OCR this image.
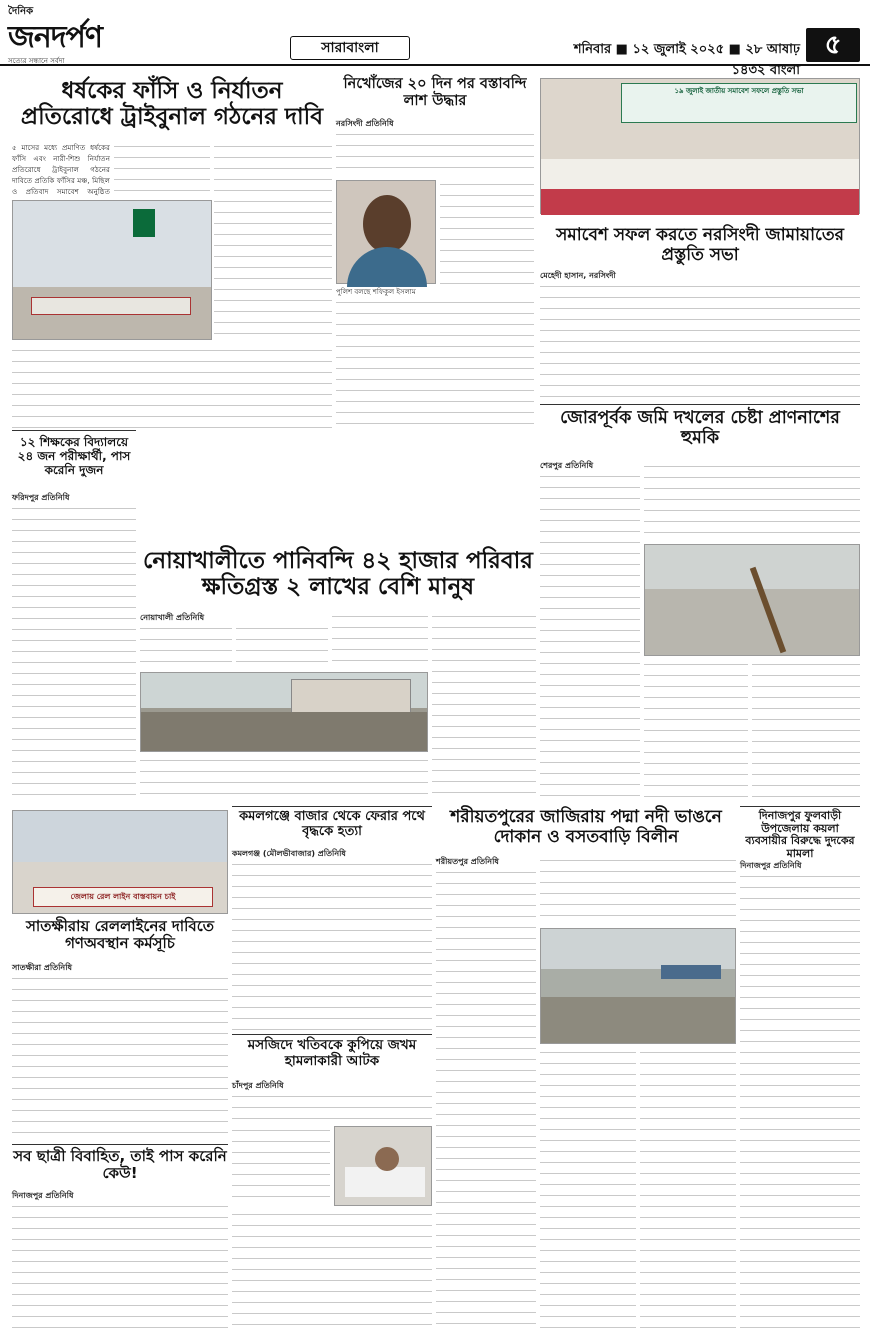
দৈনিক
জনদর্পণ
সত্যের সন্ধানে সর্বদা
সারাবাংলা	শনিবার ■ ১২ জুলাই ২০২৫ ■ ২৮ আষাঢ় ১৪৩২ বাংলা
৫
ধর্ষকের ফাঁসি ও নির্যাতন প্রতিরোধে ট্রাইবুনাল গঠনের দাবি
৫ মাসের মধ্যে প্রমাণিত ধর্ষকের ফাঁসি এবং নারী-শিশু নির্যাতন প্রতিরোধে ট্রাইবুনাল গঠনের দাবিতে প্রতিকি ফাঁসির মঞ্চ, মিছিল ও প্রতিবাদ সমাবেশ অনুষ্ঠিত
নিখোঁজের ২০ দিন পর বস্তাবন্দি লাশ উদ্ধার
নরসিংদী প্রতিনিধি
পুলিশ বলছে শফিকুল ইসলাম
১৯ জুলাই জাতীয় সমাবেশ সফলে প্রস্তুতি সভা
সমাবেশ সফল করতে নরসিংদী জামায়াতের প্রস্তুতি সভা
মেহেদী হাসান, নরসিংদী
জোরপূর্বক জমি দখলের চেষ্টা প্রাণনাশের হুমকি
শেরপুর প্রতিনিধি
১২ শিক্ষকের বিদ্যালয়ে ২৪ জন পরীক্ষার্থী, পাস করেনি দুজন
ফরিদপুর প্রতিনিধি
নোয়াখালীতে পানিবন্দি ৪২ হাজার পরিবার ক্ষতিগ্রস্ত ২ লাখের বেশি মানুষ
নোয়াখালী প্রতিনিধি
কমলগঞ্জে বাজার থেকে ফেরার পথে বৃদ্ধকে হত্যা
কমলগঞ্জ (মৌলভীবাজার) প্রতিনিধি
শরীয়তপুরের জাজিরায় পদ্মা নদী ভাঙনে দোকান ও বসতবাড়ি বিলীন
শরীয়তপুর প্রতিনিধি
দিনাজপুর ফুলবাড়ী উপজেলায় কয়লা ব্যবসায়ীর বিরুদ্ধে দুদকের মামলা
দিনাজপুর প্রতিনিধি
জেলায় রেল লাইন বাস্তবায়ন চাই
সাতক্ষীরায় রেললাইনের দাবিতে গণঅবস্থান কর্মসূচি
সাতক্ষীরা প্রতিনিধি
মসজিদে খতিবকে কুপিয়ে জখম হামলাকারী আটক
চাঁদপুর প্রতিনিধি
সব ছাত্রী বিবাহিত, তাই পাস করেনি কেউ!
দিনাজপুর প্রতিনিধি
